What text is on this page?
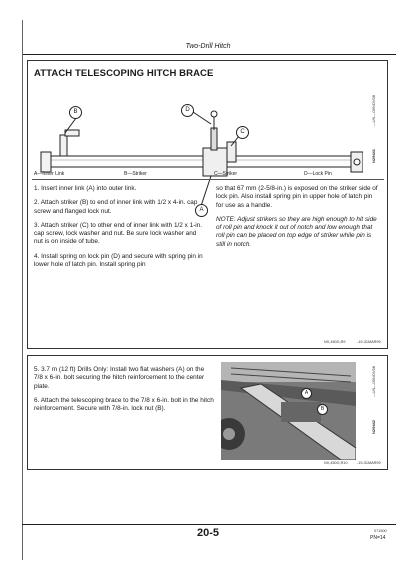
Two-Drill Hitch
ATTACH TELESCOPING HITCH BRACE
B	D
C
A
—UN—09NOV98
N29441
A—Inner Link	B—Striker	C—Striker	D—Lock Pin

1. Insert inner link (A) into outer link.

2. Attach striker (B) to end of inner link with 1/2 x 4-in. cap screw and flanged lock nut.

3. Attach striker (C) to other end of inner link with 1/2 x 1-in. cap screw, lock washer and nut. Be sure lock washer and nut is on inside of tube.

4. Install spring on lock pin (D) and secure with spring pin in lower hole of latch pin. Install spring pin

so that 67 mm (2-5/8-in.) is exposed on the striker side of lock pin. Also install spring pin in upper hole of latch pin for use as a handle.

NOTE: Adjust strikers so they are high enough to hit side of roll pin and knock it out of notch and low enough that roll pin can be placed on top edge of striker while pin is still in notch.

NX,450G,R9	-19-31MAR99

5. 3.7 m (12 ft) Drills Only: Install two flat washers (A) on the 7/8 x 6-in. bolt securing the hitch reinforcement to the center plate.

6. Attach the telescoping brace to the 7/8 x 6-in. bolt in the hitch reinforcement. Secure with 7/8-in. lock nut (B).

A
B
—UN—09NOV98
N29442
NX,450G,R10 -19-31MAR99
20-5	071500
PN=14
